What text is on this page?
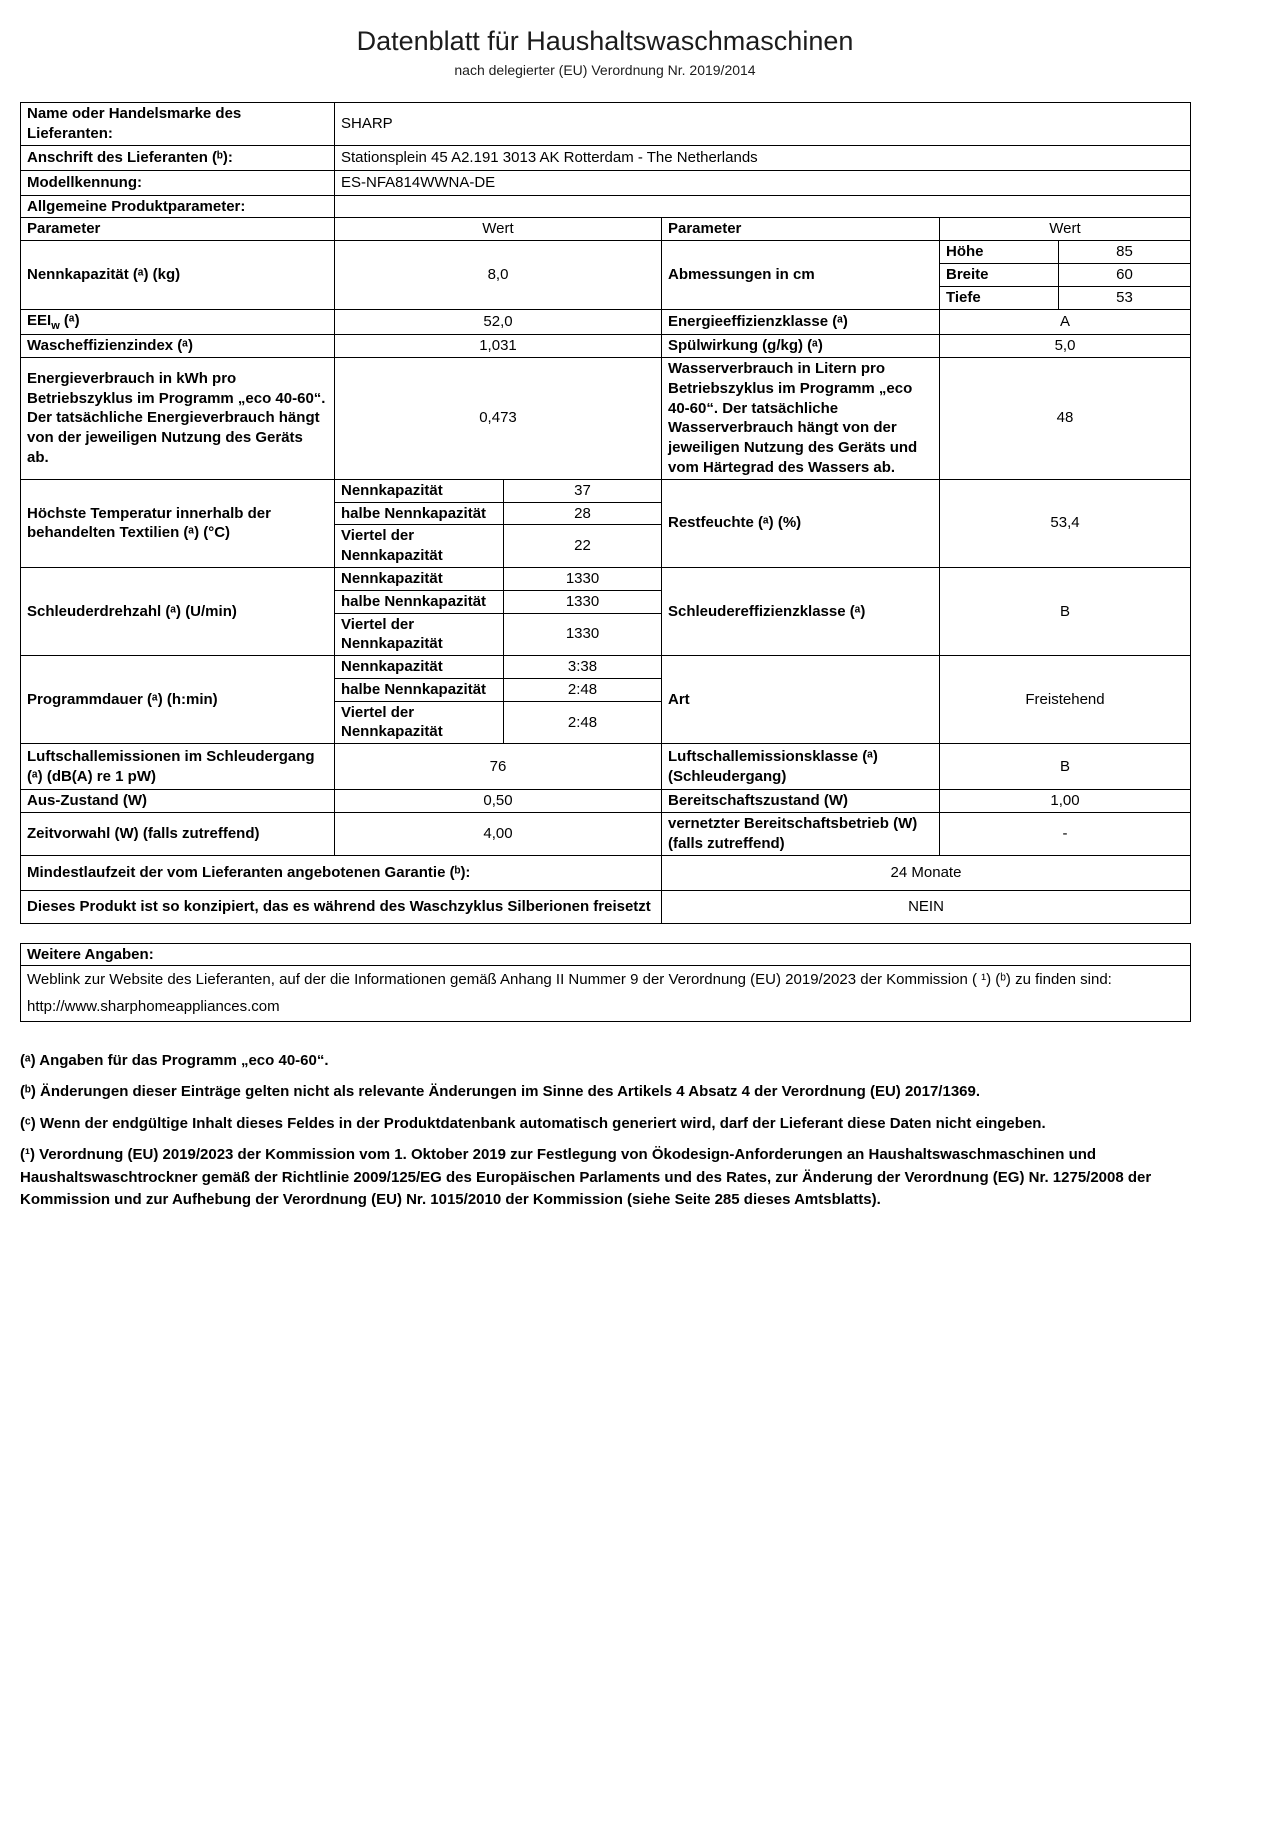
Datenblatt für Haushaltswaschmaschinen
nach delegierter (EU) Verordnung Nr. 2019/2014
Name oder Handelsmarke des Lieferanten:	SHARP				
Anschrift des Lieferanten (ᵇ):	Stationsplein 45 A2.191 3013 AK Rotterdam - The Netherlands				
Modellkennung:	ES-NFA814WWNA-DE				
Allgemeine Produktparameter:					
Parameter	Wert		Parameter	Wert	
Nennkapazität (ᵃ) (kg)	8,0		Abmessungen in cm	Höhe	85
				Breite	60
				Tiefe	53
$EEI_w$ (ᵃ)	52,0		Energieeffizienzklasse (ᵃ)	A	
Wascheffizienzindex (ᵃ)	1,031		Spülwirkung (g/kg) (ᵃ)	5,0	
Energieverbrauch in kWh pro Betriebszyklus im Programm „eco 40-60“. Der tatsächliche Energieverbrauch hängt von der jeweiligen Nutzung des Geräts ab.	0,473		Wasserverbrauch in Litern pro Betriebszyklus im Programm „eco 40-60“. Der tatsächliche Wasserverbrauch hängt von der jeweiligen Nutzung des Geräts und vom Härtegrad des Wassers ab.	48	
Höchste Temperatur innerhalb der behandelten Textilien (ᵃ) (°C)	Nennkapazität	37	Restfeuchte (ᵃ) (%)	53,4	
	halbe Nennkapazität	28			
	Viertel der Nennkapazität	22			
Schleuderdrehzahl (ᵃ) (U/min)	Nennkapazität	1330	Schleudereffizienzklasse (ᵃ)	B	
	halbe Nennkapazität	1330			
	Viertel der Nennkapazität	1330			
Programmdauer (ᵃ) (h:min)	Nennkapazität	3:38	Art	Freistehend	
	halbe Nennkapazität	2:48			
	Viertel der Nennkapazität	2:48			
Luftschallemissionen im Schleudergang (ᵃ) (dB(A) re 1 pW)	76		Luftschallemissionsklasse (ᵃ) (Schleudergang)	B	
Aus-Zustand (W)	0,50		Bereitschaftszustand (W)	1,00	
Zeitvorwahl (W) (falls zutreffend)	4,00		vernetzter Bereitschaftsbetrieb (W) (falls zutreffend)	-	
Mindestlaufzeit der vom Lieferanten angebotenen Garantie (ᵇ):			24 Monate		
Dieses Produkt ist so konzipiert, das es während des Waschzyklus Silberionen freisetzt			NEIN		
Weitere Angaben:

Weblink zur Website des Lieferanten, auf der die Informationen gemäß Anhang II Nummer 9 der Verordnung (EU) 2019/2023 der Kommission ( ¹) (ᵇ) zu finden sind:
http://www.sharphomeappliances.com
(ᵃ) Angaben für das Programm „eco 40-60“.
(ᵇ) Änderungen dieser Einträge gelten nicht als relevante Änderungen im Sinne des Artikels 4 Absatz 4 der Verordnung (EU) 2017/1369.
(ᶜ) Wenn der endgültige Inhalt dieses Feldes in der Produktdatenbank automatisch generiert wird, darf der Lieferant diese Daten nicht eingeben.
(¹) Verordnung (EU) 2019/2023 der Kommission vom 1. Oktober 2019 zur Festlegung von Ökodesign-Anforderungen an Haushaltswaschmaschinen und Haushaltswaschtrockner gemäß der Richtlinie 2009/125/EG des Europäischen Parlaments und des Rates, zur Änderung der Verordnung (EG) Nr. 1275/2008 der Kommission und zur Aufhebung der Verordnung (EU) Nr. 1015/2010 der Kommission (siehe Seite 285 dieses Amtsblatts).
